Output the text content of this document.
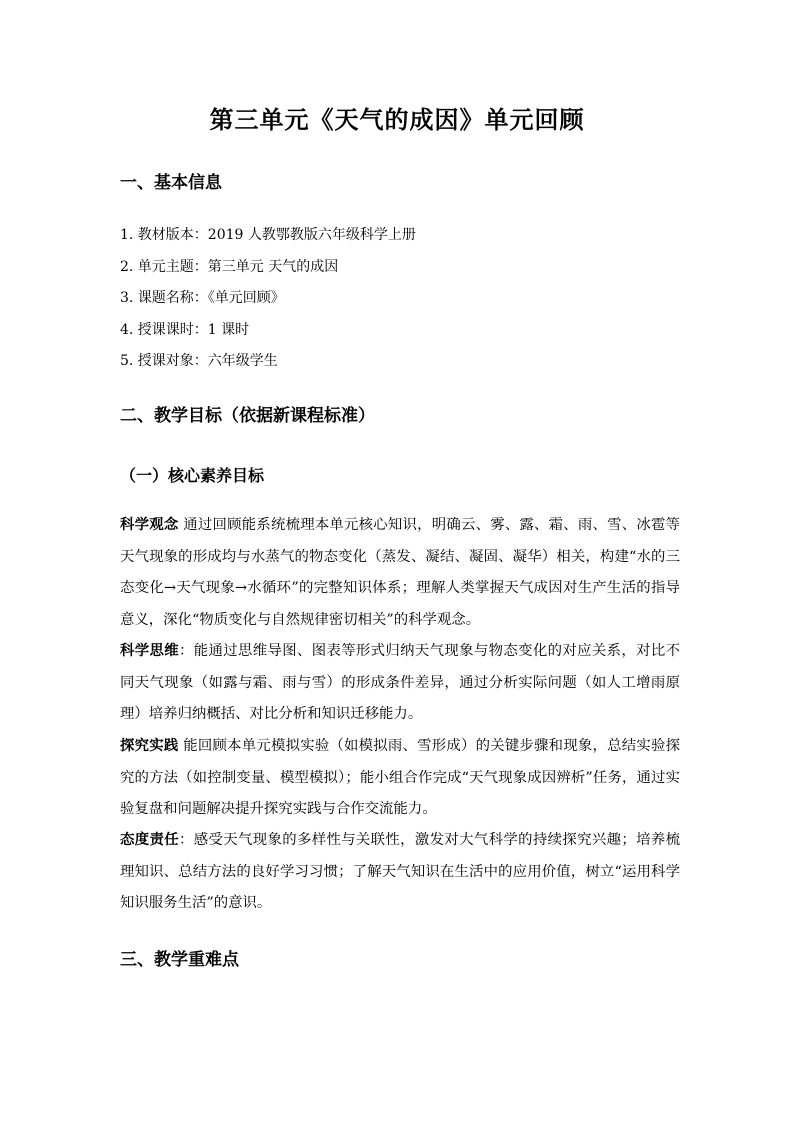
第三单元《天气的成因》单元回顾
一、基本信息
1. 教材版本：2019 人教鄂教版六年级科学上册
2. 单元主题：第三单元 天气的成因
3. 课题名称：《单元回顾》
4. 授课课时：1 课时
5. 授课对象：六年级学生
二、教学目标（依据新课程标准）
（一）核心素养目标

科学观念 通过回顾能系统梳理本单元核心知识，明确云、雾、露、霜、雨、雪、冰雹等天气现象的形成均与水蒸气的物态变化（蒸发、凝结、凝固、凝华）相关，构建“水的三态变化→天气现象→水循环”的完整知识体系；理解人类掌握天气成因对生产生活的指导意义，深化“物质变化与自然规律密切相关”的科学观念。

科学思维：能通过思维导图、图表等形式归纳天气现象与物态变化的对应关系，对比不同天气现象（如露与霜、雨与雪）的形成条件差异，通过分析实际问题（如人工增雨原理）培养归纳概括、对比分析和知识迁移能力。

探究实践 能回顾本单元模拟实验（如模拟雨、雪形成）的关键步骤和现象，总结实验探究的方法（如控制变量、模型模拟）；能小组合作完成“天气现象成因辨析”任务，通过实验复盘和问题解决提升探究实践与合作交流能力。

态度责任：感受天气现象的多样性与关联性，激发对大气科学的持续探究兴趣；培养梳理知识、总结方法的良好学习习惯；了解天气知识在生活中的应用价值，树立“运用科学知识服务生活”的意识。

三、教学重难点
